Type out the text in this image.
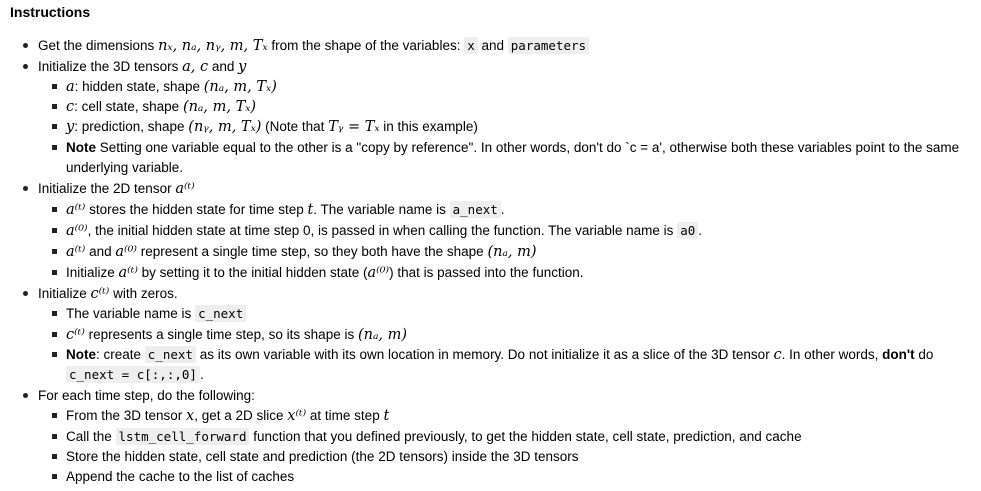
Instructions
Get the dimensions nₓ, nₐ, nᵧ, m, Tₓ from the shape of the variables: x and parameters
Initialize the 3D tensors a, c and y
a: hidden state, shape (nₐ, m, Tₓ)
c: cell state, shape (nₐ, m, Tₓ)
y: prediction, shape (nᵧ, m, Tₓ) (Note that Tᵧ = Tₓ in this example)
Note Setting one variable equal to the other is a "copy by reference". In other words, don't do `c = a', otherwise both these variables point to the same underlying variable.
Initialize the 2D tensor a⁽ᵗ⁾
a⁽ᵗ⁾ stores the hidden state for time step t. The variable name is a_next .
a⁽⁰⁾, the initial hidden state at time step 0, is passed in when calling the function. The variable name is a0 .
a⁽ᵗ⁾ and a⁽⁰⁾ represent a single time step, so they both have the shape (nₐ, m)
Initialize a⁽ᵗ⁾ by setting it to the initial hidden state (a⁽⁰⁾) that is passed into the function.
Initialize c⁽ᵗ⁾ with zeros.
The variable name is c_next
c⁽ᵗ⁾ represents a single time step, so its shape is (nₐ, m)
Note: create c_next as its own variable with its own location in memory. Do not initialize it as a slice of the 3D tensor c. In other words, don't do
c_next = c[:,:,0] .
For each time step, do the following:
From the 3D tensor x, get a 2D slice x⁽ᵗ⁾ at time step t
Call the lstm_cell_forward function that you defined previously, to get the hidden state, cell state, prediction, and cache
Store the hidden state, cell state and prediction (the 2D tensors) inside the 3D tensors
Append the cache to the list of caches
